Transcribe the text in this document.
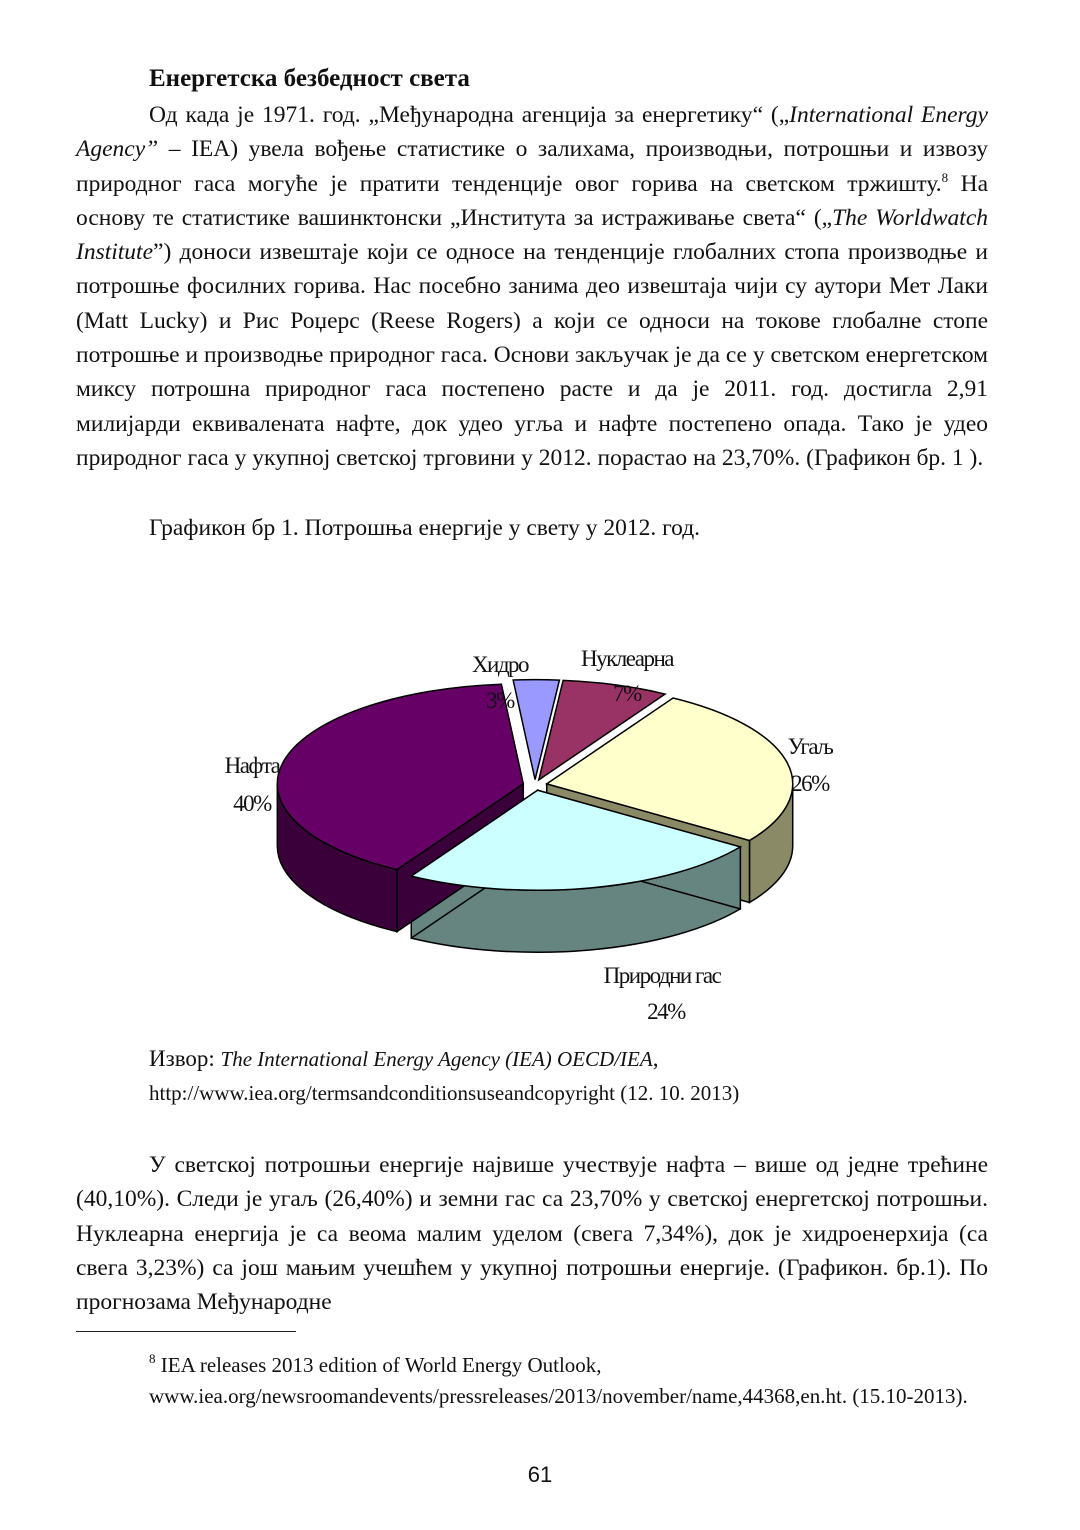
Енергетска безбедност света

Од када је 1971. год. „Међународна агенција за енергетику“ („International Energy Agency” – IEA) увела вођење статистике о залихама, производњи, потрошњи и извозу природног гаса могуће је пратити тенденције овог горива на светском тржишту.$^8$ На основу те статистике вашинктонски „Института за истраживање света“ („The Worldwatch Institute”) доноси извештаје који се односе на тенденције глобалних стопа производње и потрошње фосилних горива. Нас посебно занима део извештаја чији су аутори Мет Лаки (Matt Lucky) и Рис Роџерс (Reese Rogers) а који се односи на токове глобалне стопе потрошње и производње природног гаса. Основи закључак је да се у светском енергетском миксу потрошна природног гаса постепено расте и да је 2011. год. достигла 2,91 милијарди еквивалената нафте, док удео угља и нафте постепено опада. Тако је удео природног гаса у укупној светској трговини у 2012. порастао на 23,70%. (Графикон бр. 1 ).

Графикон бр 1. Потрошња енергије у свету у 2012. год.
Хидро
3%
Нуклеарна
7%
Угаљ
26%
Природни гас
24%
Нафта
40%
Извор: The International Energy Agency (IEA) OECD/IEA,
http://www.iea.org/termsandconditionsuseandcopyright (12. 10. 2013)

У светској потрошњи енергије највише учествује нафта – више од једне трећине (40,10%). Следи је угаљ (26,40%) и земни гас са 23,70% у светској енергетској потрошњи. Нуклеарна енергија је са веома малим уделом (свега 7,34%), док је хидроенерхија (са свега 3,23%) са још мањим учешћем у укупној потрошњи енергије. (Графикон. бр.1). По прогнозама Међународне

$^8$ IEA releases 2013 edition of World Energy Outlook,
www.iea.org/newsroomandevents/pressreleases/2013/november/name,44368,en.ht. (15.10-2013).
61
